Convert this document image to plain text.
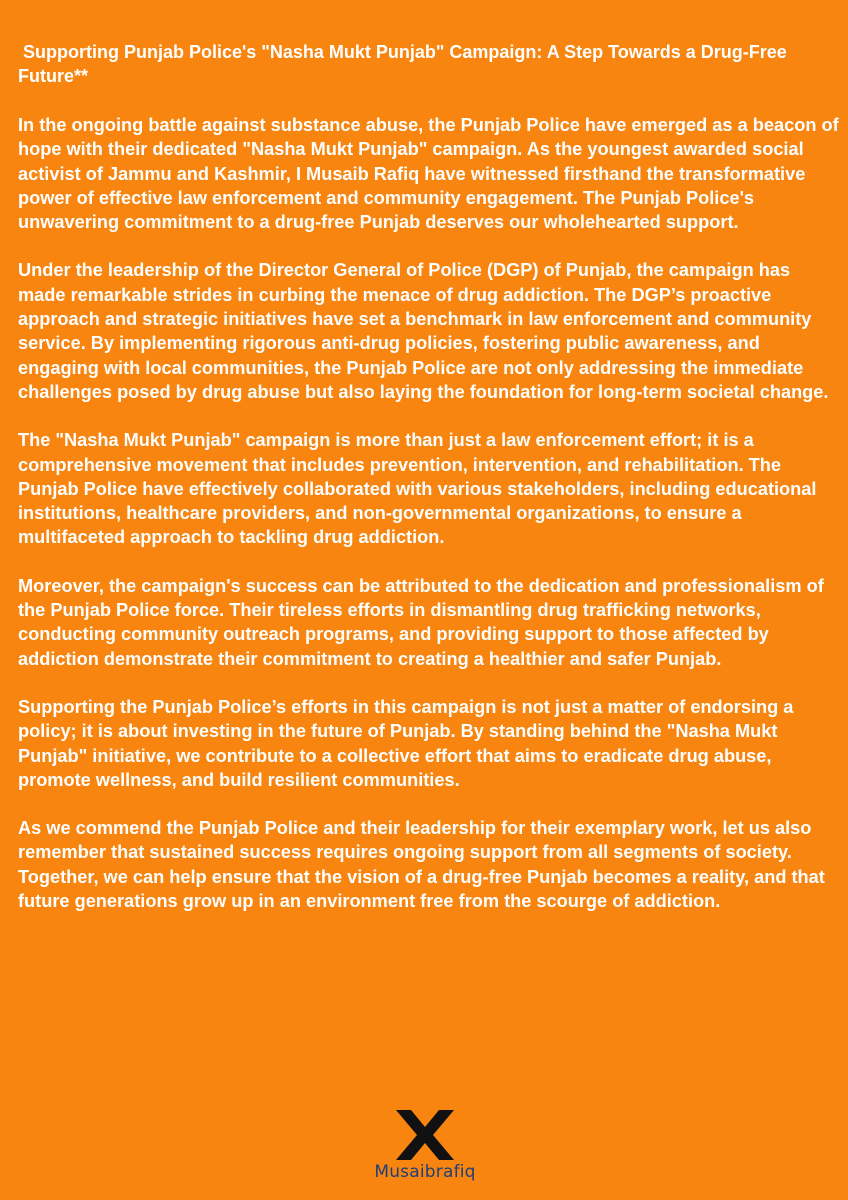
Supporting Punjab Police's "Nasha Mukt Punjab" Campaign: A Step Towards a Drug-Free Future**

In the ongoing battle against substance abuse, the Punjab Police have emerged as a beacon of hope with their dedicated "Nasha Mukt Punjab" campaign. As the youngest awarded social activist of Jammu and Kashmir, I Musaib Rafiq have witnessed firsthand the transformative power of effective law enforcement and community engagement. The Punjab Police's unwavering commitment to a drug-free Punjab deserves our wholehearted support.

Under the leadership of the Director General of Police (DGP) of Punjab, the campaign has made remarkable strides in curbing the menace of drug addiction. The DGP’s proactive approach and strategic initiatives have set a benchmark in law enforcement and community service. By implementing rigorous anti-drug policies, fostering public awareness, and engaging with local communities, the Punjab Police are not only addressing the immediate challenges posed by drug abuse but also laying the foundation for long-term societal change.

The "Nasha Mukt Punjab" campaign is more than just a law enforcement effort; it is a comprehensive movement that includes prevention, intervention, and rehabilitation. The Punjab Police have effectively collaborated with various stakeholders, including educational institutions, healthcare providers, and non-governmental organizations, to ensure a multifaceted approach to tackling drug addiction.

Moreover, the campaign's success can be attributed to the dedication and professionalism of the Punjab Police force. Their tireless efforts in dismantling drug trafficking networks, conducting community outreach programs, and providing support to those affected by addiction demonstrate their commitment to creating a healthier and safer Punjab.

Supporting the Punjab Police’s efforts in this campaign is not just a matter of endorsing a policy; it is about investing in the future of Punjab. By standing behind the "Nasha Mukt Punjab" initiative, we contribute to a collective effort that aims to eradicate drug abuse, promote wellness, and build resilient communities.

As we commend the Punjab Police and their leadership for their exemplary work, let us also remember that sustained success requires ongoing support from all segments of society. Together, we can help ensure that the vision of a drug-free Punjab becomes a reality, and that future generations grow up in an environment free from the scourge of addiction.

Musaibrafiq
